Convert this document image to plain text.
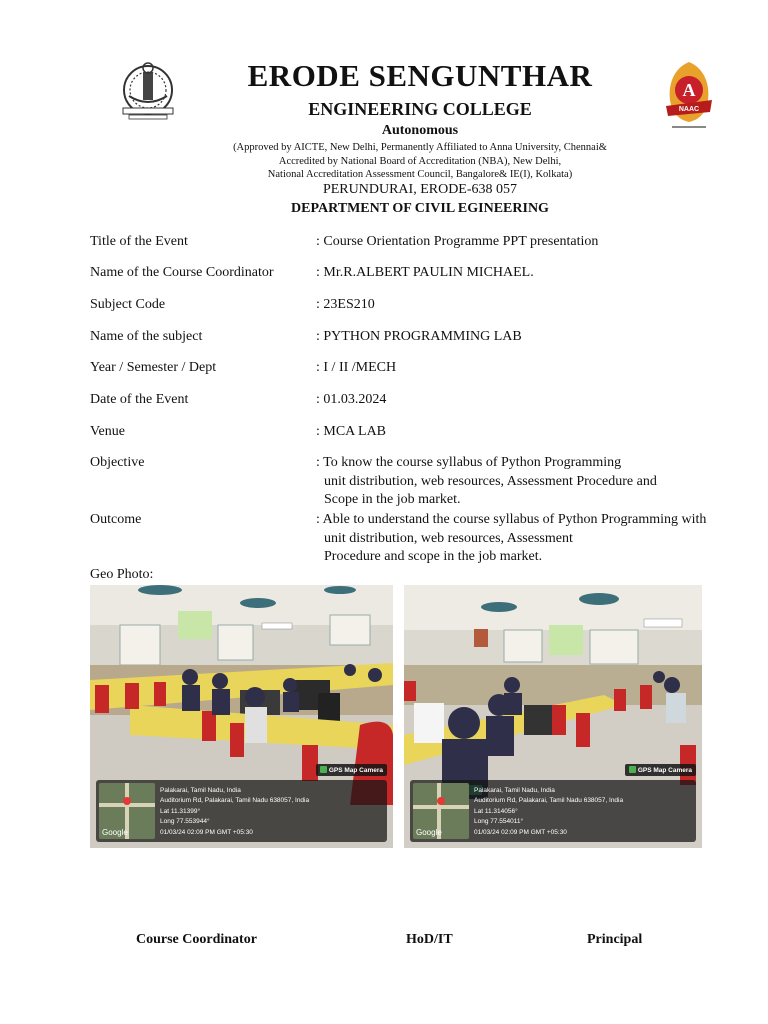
A
NAAC
ERODE SENGUNTHAR
ENGINEERING COLLEGE
Autonomous
(Approved by AICTE, New Delhi, Permanently Affiliated to Anna University, Chennai&
Accredited by National Board of Accreditation (NBA), New Delhi,
National Accreditation Assessment Council, Bangalore& IE(I), Kolkata)
PERUNDURAI, ERODE-638 057
DEPARTMENT OF CIVIL EGINEERING
Title of the Event	: Course Orientation Programme PPT presentation
Name of the Course Coordinator	: Mr.R.ALBERT PAULIN MICHAEL.
Subject Code	: 23ES210
Name of the subject	: PYTHON PROGRAMMING LAB
Year / Semester / Dept	: I / II /MECH
Date of the Event	: 01.03.2024
Venue	: MCA LAB
Objective	: To know the course syllabus of Python Programming
unit distribution, web resources, Assessment Procedure and
Scope in the job market.
Outcome	: Able to understand the course syllabus of Python Programming with
unit distribution, web resources, Assessment
Procedure and scope in the job market.
Geo Photo:
GPS Map Camera
Google
Palakarai, Tamil Nadu, India
Auditorium Rd, Palakarai, Tamil Nadu 638057, India
Lat 11.31399°
Long 77.553944°
01/03/24 02:09 PM GMT +05:30
GPS Map Camera
Google
Palakarai, Tamil Nadu, India
Auditorium Rd, Palakarai, Tamil Nadu 638057, India
Lat 11.314056°
Long 77.554011°
01/03/24 02:09 PM GMT +05:30
Course Coordinator	HoD/IT	Principal
